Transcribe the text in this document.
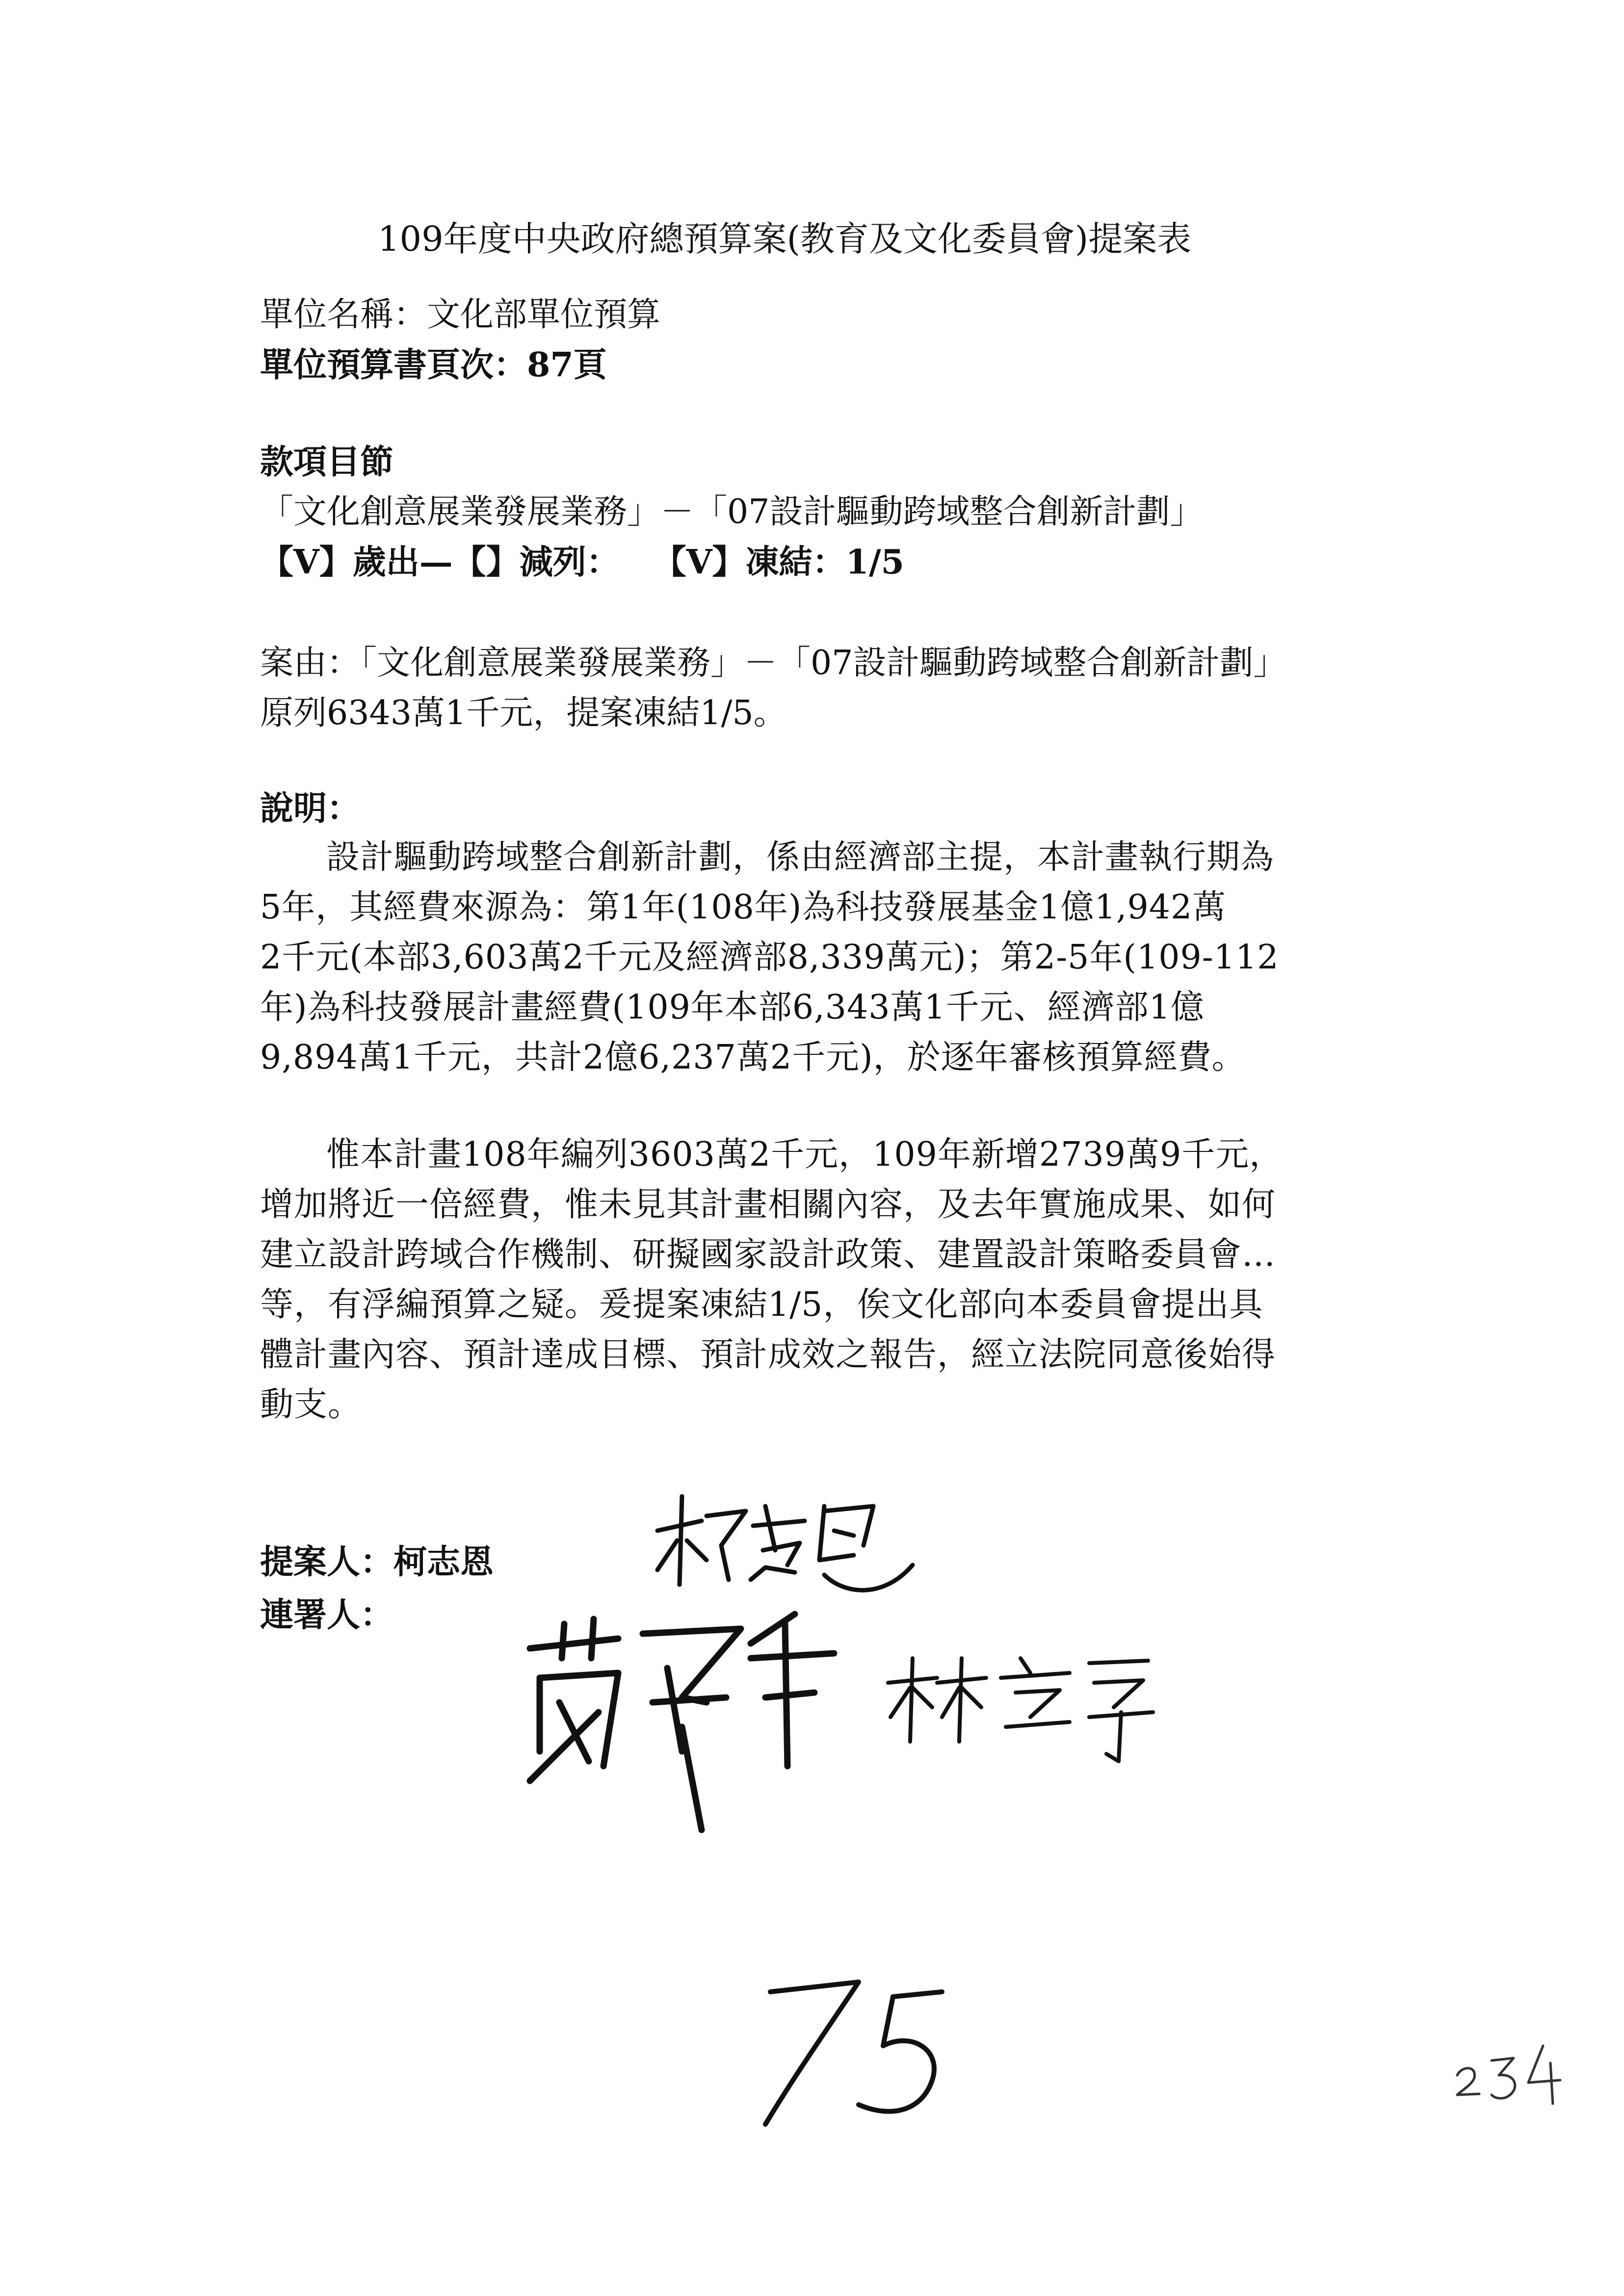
109年度中央政府總預算案(教育及文化委員會)提案表
單位名稱：文化部單位預算
單位預算書頁次：87頁
款項目節
「文化創意展業發展業務」－「07設計驅動跨域整合創新計劃」
【V】歲出—【】減列：　　【V】凍結：1/5
案由：「文化創意展業發展業務」－「07設計驅動跨域整合創新計劃」
原列6343萬1千元，提案凍結1/5。
說明：
設計驅動跨域整合創新計劃，係由經濟部主提，本計畫執行期為
5年，其經費來源為：第1年(108年)為科技發展基金1億1,942萬
2千元(本部3,603萬2千元及經濟部8,339萬元)；第2-5年(109-112
年)為科技發展計畫經費(109年本部6,343萬1千元、經濟部1億
9,894萬1千元，共計2億6,237萬2千元)，於逐年審核預算經費。
惟本計畫108年編列3603萬2千元，109年新增2739萬9千元，
增加將近一倍經費，惟未見其計畫相關內容，及去年實施成果、如何
建立設計跨域合作機制、研擬國家設計政策、建置設計策略委員會…
等，有浮編預算之疑。爰提案凍結1/5，俟文化部向本委員會提出具
體計畫內容、預計達成目標、預計成效之報告，經立法院同意後始得
動支。
提案人：柯志恩
連署人：
